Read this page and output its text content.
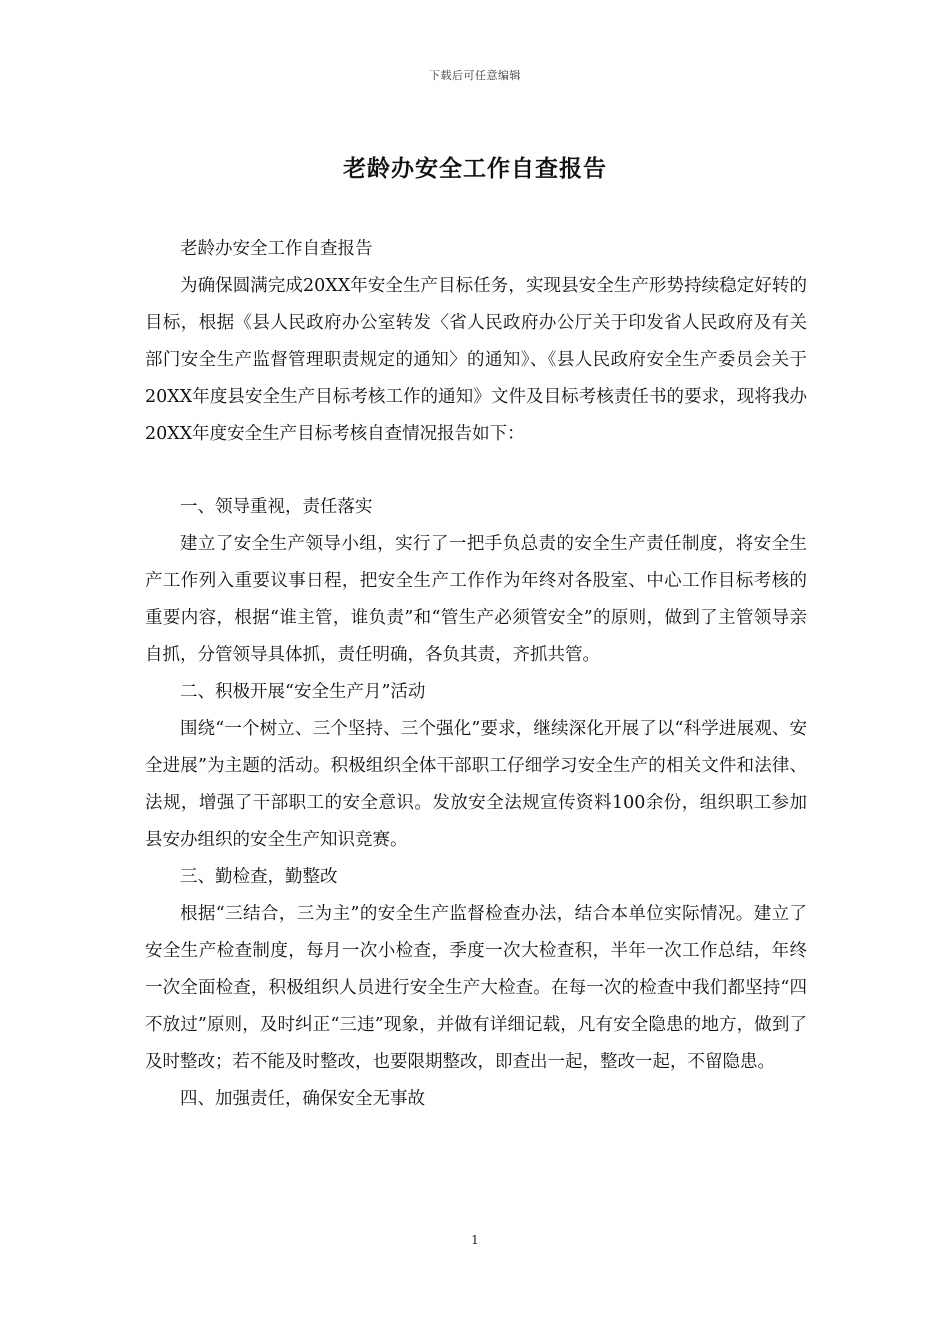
下载后可任意编辑
老龄办安全工作自查报告

老龄办安全工作自查报告

为确保圆满完成20XX年安全生产目标任务，实现县安全生产形势持续稳定好转的目标，根据《县人民政府办公室转发〈省人民政府办公厅关于印发省人民政府及有关部门安全生产监督管理职责规定的通知〉的通知》、《县人民政府安全生产委员会关于20XX年度县安全生产目标考核工作的通知》文件及目标考核责任书的要求，现将我办20XX年度安全生产目标考核自查情况报告如下：

一、领导重视，责任落实

建立了安全生产领导小组，实行了一把手负总责的安全生产责任制度，将安全生产工作列入重要议事日程，把安全生产工作作为年终对各股室、中心工作目标考核的重要内容，根据“谁主管，谁负责”和“管生产必须管安全”的原则，做到了主管领导亲自抓，分管领导具体抓，责任明确，各负其责，齐抓共管。

二、积极开展“安全生产月”活动

围绕“一个树立、三个坚持、三个强化”要求，继续深化开展了以“科学进展观、安全进展”为主题的活动。积极组织全体干部职工仔细学习安全生产的相关文件和法律、法规，增强了干部职工的安全意识。发放安全法规宣传资料100余份，组织职工参加县安办组织的安全生产知识竞赛。

三、勤检查，勤整改

根据“三结合，三为主”的安全生产监督检查办法，结合本单位实际情况。建立了安全生产检查制度，每月一次小检查，季度一次大检查积，半年一次工作总结，年终一次全面检查，积极组织人员进行安全生产大检查。在每一次的检查中我们都坚持“四不放过”原则，及时纠正“三违”现象，并做有详细记载，凡有安全隐患的地方，做到了及时整改；若不能及时整改，也要限期整改，即查出一起，整改一起，不留隐患。

四、加强责任，确保安全无事故

1
